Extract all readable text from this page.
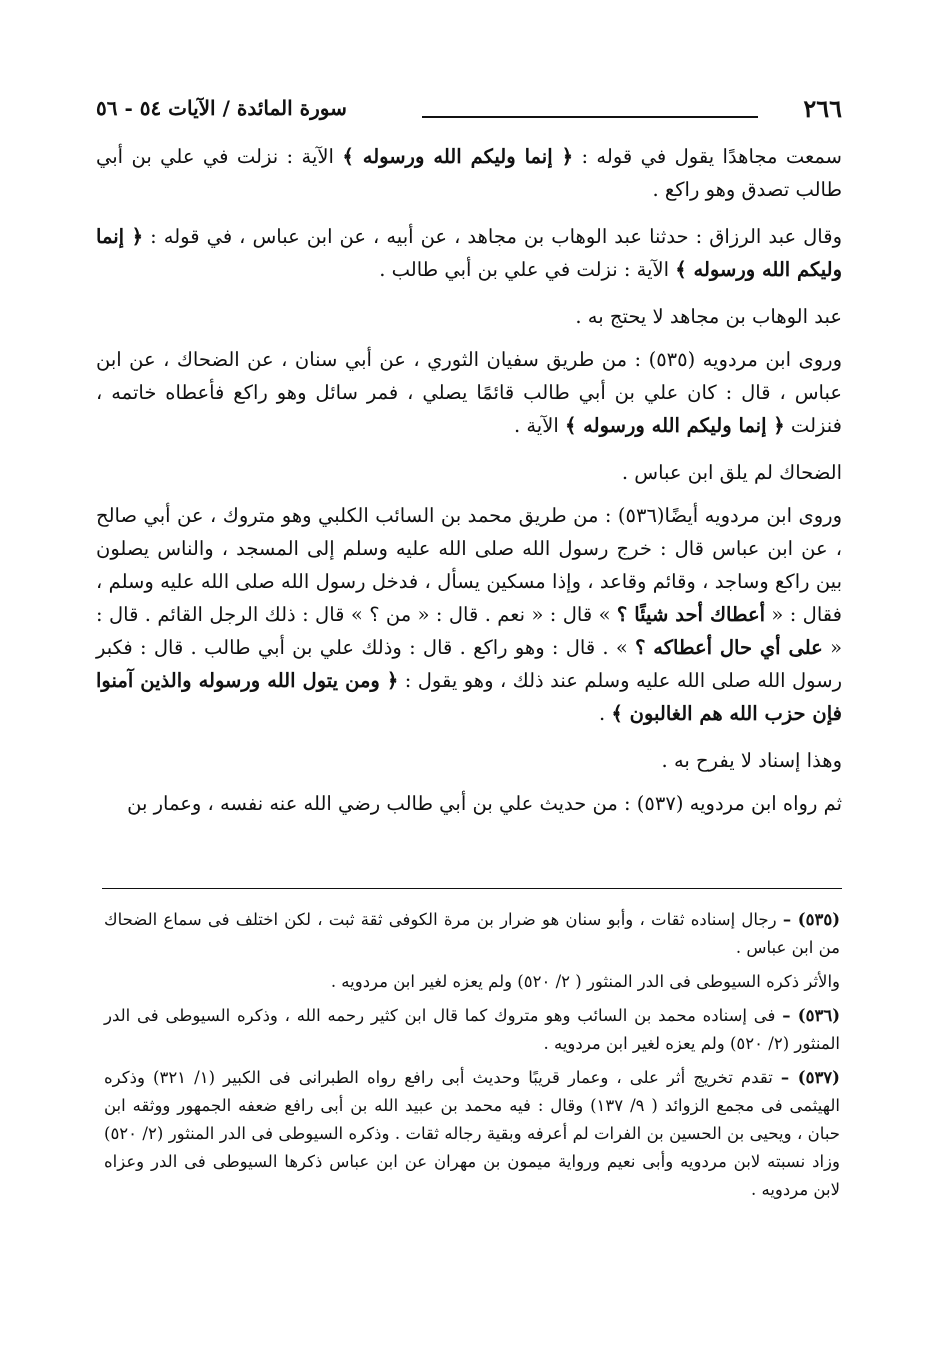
٢٦٦
سورة المائدة / الآيات ٥٤ - ٥٦

سمعت مجاهدًا يقول في قوله : ﴿ إنما وليكم الله ورسوله ﴾ الآية : نزلت في علي بن أبي طالب تصدق وهو راكع .

وقال عبد الرزاق : حدثنا عبد الوهاب بن مجاهد ، عن أبيه ، عن ابن عباس ، في قوله : ﴿ إنما وليكم الله ورسوله ﴾ الآية : نزلت في علي بن أبي طالب .

عبد الوهاب بن مجاهد لا يحتج به .

وروى ابن مردويه (٥٣٥) : من طريق سفيان الثوري ، عن أبي سنان ، عن الضحاك ، عن ابن عباس ، قال : كان علي بن أبي طالب قائمًا يصلي ، فمر سائل وهو راكع فأعطاه خاتمه ، فنزلت ﴿ إنما وليكم الله ورسوله ﴾ الآية .

الضحاك لم يلق ابن عباس .

وروى ابن مردويه أيضًا(٥٣٦) : من طريق محمد بن السائب الكلبي وهو متروك ، عن أبي صالح ، عن ابن عباس قال : خرج رسول الله صلى الله عليه وسلم إلى المسجد ، والناس يصلون بين راكع وساجد ، وقائم وقاعد ، وإذا مسكين يسأل ، فدخل رسول الله صلى الله عليه وسلم ، فقال : « أعطاك أحد شيئًا ؟ » قال : « نعم . قال : « من ؟ » قال : ذلك الرجل القائم . قال : « على أي حال أعطاكه ؟ » . قال : وهو راكع . قال : وذلك علي بن أبي طالب . قال : فكبر رسول الله صلى الله عليه وسلم عند ذلك ، وهو يقول : ﴿ ومن يتول الله ورسوله والذين آمنوا فإن حزب الله هم الغالبون ﴾ .

وهذا إسناد لا يفرح به .

ثم رواه ابن مردويه (٥٣٧) : من حديث علي بن أبي طالب رضي الله عنه نفسه ، وعمار بن

(٥٣٥) – رجال إسناده ثقات ، وأبو سنان هو ضرار بن مرة الكوفى ثقة ثبت ، لكن اختلف فى سماع الضحاك من ابن عباس .

والأثر ذكره السيوطى فى الدر المنثور ( ٢/ ٥٢٠) ولم يعزه لغير ابن مردويه .

(٥٣٦) – فى إسناده محمد بن السائب وهو متروك كما قال ابن كثير رحمه الله ، وذكره السيوطى فى الدر المنثور (٢/ ٥٢٠) ولم يعزه لغير ابن مردويه .

(٥٣٧) – تقدم تخريج أثر على ، وعمار قريبًا وحديث أبى رافع رواه الطبرانى فى الكبير (١/ ٣٢١) وذكره الهيثمى فى مجمع الزوائد ( ٩/ ١٣٧) وقال : فيه محمد بن عبيد الله بن أبى رافع ضعفه الجمهور ووثقه ابن حبان ، ويحيى بن الحسين بن الفرات لم أعرفه وبقية رجاله ثقات . وذكره السيوطى فى الدر المنثور (٢/ ٥٢٠) وزاد نسبته لابن مردويه وأبى نعيم ورواية ميمون بن مهران عن ابن عباس ذكرها السيوطى فى الدر وعزاه لابن مردويه .
